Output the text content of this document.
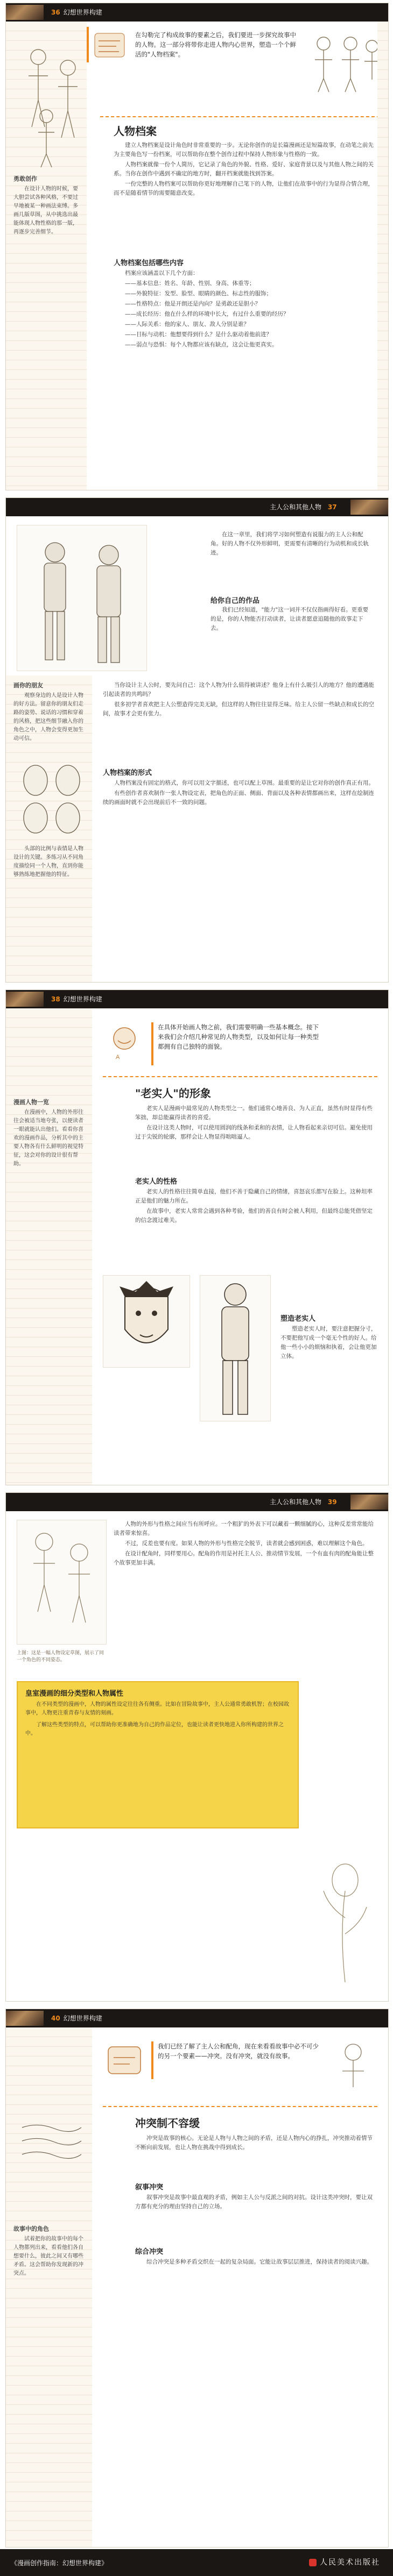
36 幻想世界构建
在勾勒完了构成故事的要素之后，我们要进一步探究故事中的人物。这一部分将带你走进人物内心世界，塑造一个个鲜活的"人物档案"。
勇敢创作
在设计人物的时候，要大胆尝试各种风格，不要过早地被某一种画法束缚。多画几版草图，从中挑选出最能体现人物性格的那一版，再逐步完善细节。
人物档案

建立人物档案是设计角色时非常重要的一步。无论你创作的是长篇漫画还是短篇故事，在动笔之前先为主要角色写一份档案，可以帮助你在整个创作过程中保持人物形象与性格的一致。

人物档案就像一份个人简历，它记录了角色的外貌、性格、爱好、家庭背景以及与其他人物之间的关系。当你在创作中遇到不确定的地方时，翻开档案就能找到答案。

一份完整的人物档案可以帮助你更好地理解自己笔下的人物，让他们在故事中的行为显得合情合理，而不是随着情节的需要随意改变。

人物档案包括哪些内容

档案应该涵盖以下几个方面：

——基本信息：姓名、年龄、性别、身高、体重等；

——外貌特征：发型、脸型、眼睛的颜色、标志性的服饰；

——性格特点：他是开朗还是内向？是勇敢还是胆小？

——成长经历：他在什么样的环境中长大，有过什么重要的经历？

——人际关系：他的家人、朋友、敌人分别是谁？

——目标与动机：他想要得到什么？是什么驱动着他前进？

——弱点与恐惧：每个人物都应该有缺点，这会让他更真实。

主人公和其他人物 37
在这一章里，我们将学习如何塑造有说服力的主人公和配角。好的人物不仅外形鲜明，更需要有清晰的行为动机和成长轨迹。
给你自己的作品

我们已经知道，"能力"这一词并不仅仅指画得好看。更重要的是，你的人物能否打动读者，让读者愿意追随他的故事走下去。

画你的朋友
观察身边的人是设计人物的好方法。留意你的朋友们走路的姿势、说话的习惯和穿着的风格，把这些细节融入你的角色之中，人物会变得更加生动可信。
头部的比例与表情是人物设计的关键。多练习从不同角度描绘同一个人物，直到你能够熟练地把握他的特征。

当你设计主人公时，要先问自己：这个人物为什么值得被讲述？他身上有什么吸引人的地方？他的遭遇能引起读者的共鸣吗？

很多初学者喜欢把主人公塑造得完美无缺，但这样的人物往往显得乏味。给主人公留一些缺点和成长的空间，故事才会更有张力。

人物档案的形式

人物档案没有固定的格式，你可以用文字描述，也可以配上草图。最重要的是让它对你的创作真正有用。

有些创作者喜欢制作一张人物设定表，把角色的正面、侧面、背面以及各种表情都画出来，这样在绘制连续的画面时就不会出现前后不一致的问题。

38 幻想世界构建
A
在具体开始画人物之前，我们需要明确一些基本概念。接下来我们会介绍几种常见的人物类型，以及如何让每一种类型都拥有自己独特的面貌。
"老实人"的形象

老实人是漫画中最常见的人物类型之一。他们通常心地善良、为人正直，虽然有时显得有些笨拙，却总能赢得读者的喜爱。

在设计这类人物时，可以使用圆润的线条和柔和的表情，让人物看起来亲切可信。避免使用过于尖锐的轮廓，那样会让人物显得咄咄逼人。

老实人的性格

老实人的性格往往简单直接，他们不善于隐藏自己的情绪，喜怒哀乐都写在脸上。这种坦率正是他们的魅力所在。

在故事中，老实人常常会遇到各种考验，他们的善良有时会被人利用，但最终总能凭借坚定的信念渡过难关。

漫画人物一览
在漫画中，人物的外形往往会被适当地夸张，以便读者一眼就能认出他们。看看你喜欢的漫画作品，分析其中的主要人物各有什么鲜明的视觉特征，这会对你的设计很有帮助。
塑造老实人

塑造老实人时，要注意把握分寸，不要把他写成一个毫无个性的好人。给他一些小小的烦恼和执着，会让他更加立体。

主人公和其他人物 39

人物的外形与性格之间应当有所呼应。一个粗犷的外表下可以藏着一颗细腻的心，这种反差常常能给读者带来惊喜。

不过，反差也要有度。如果人物的外形与性格完全脱节，读者就会感到困惑，难以理解这个角色。

在设计配角时，同样要用心。配角的作用是衬托主人公、推动情节发展，一个有血有肉的配角能让整个故事更加丰满。

上图：这是一幅人物设定草图，展示了同一个角色的不同姿态。
皇室漫画的细分类型和人物属性

在不同类型的漫画中，人物的属性设定往往各有侧重。比如在冒险故事中，主人公通常勇敢机智；在校园故事中，人物更注重青春与友情的刻画。

了解这些类型的特点，可以帮助你更准确地为自己的作品定位，也能让读者更快地进入你所构建的世界之中。

40 幻想世界构建
我们已经了解了主人公和配角，现在来看看故事中必不可少的另一个要素——冲突。没有冲突，就没有故事。
冲突制不容缓

冲突是故事的核心。无论是人物与人物之间的矛盾，还是人物内心的挣扎，冲突推动着情节不断向前发展，也让人物在挑战中得到成长。

叙事冲突

叙事冲突是故事中最直观的矛盾，例如主人公与反派之间的对抗。设计这类冲突时，要让双方都有充分的理由坚持自己的立场。

综合冲突

综合冲突是多种矛盾交织在一起的复杂局面。它能让故事层层推进，保持读者的阅读兴趣。

故事中的角色
试着把你的故事中的每个人物都列出来，看看他们各自想要什么，彼此之间又有哪些矛盾。这会帮助你发现新的冲突点。
《漫画创作指南：幻想世界构建》	人民美术出版社
